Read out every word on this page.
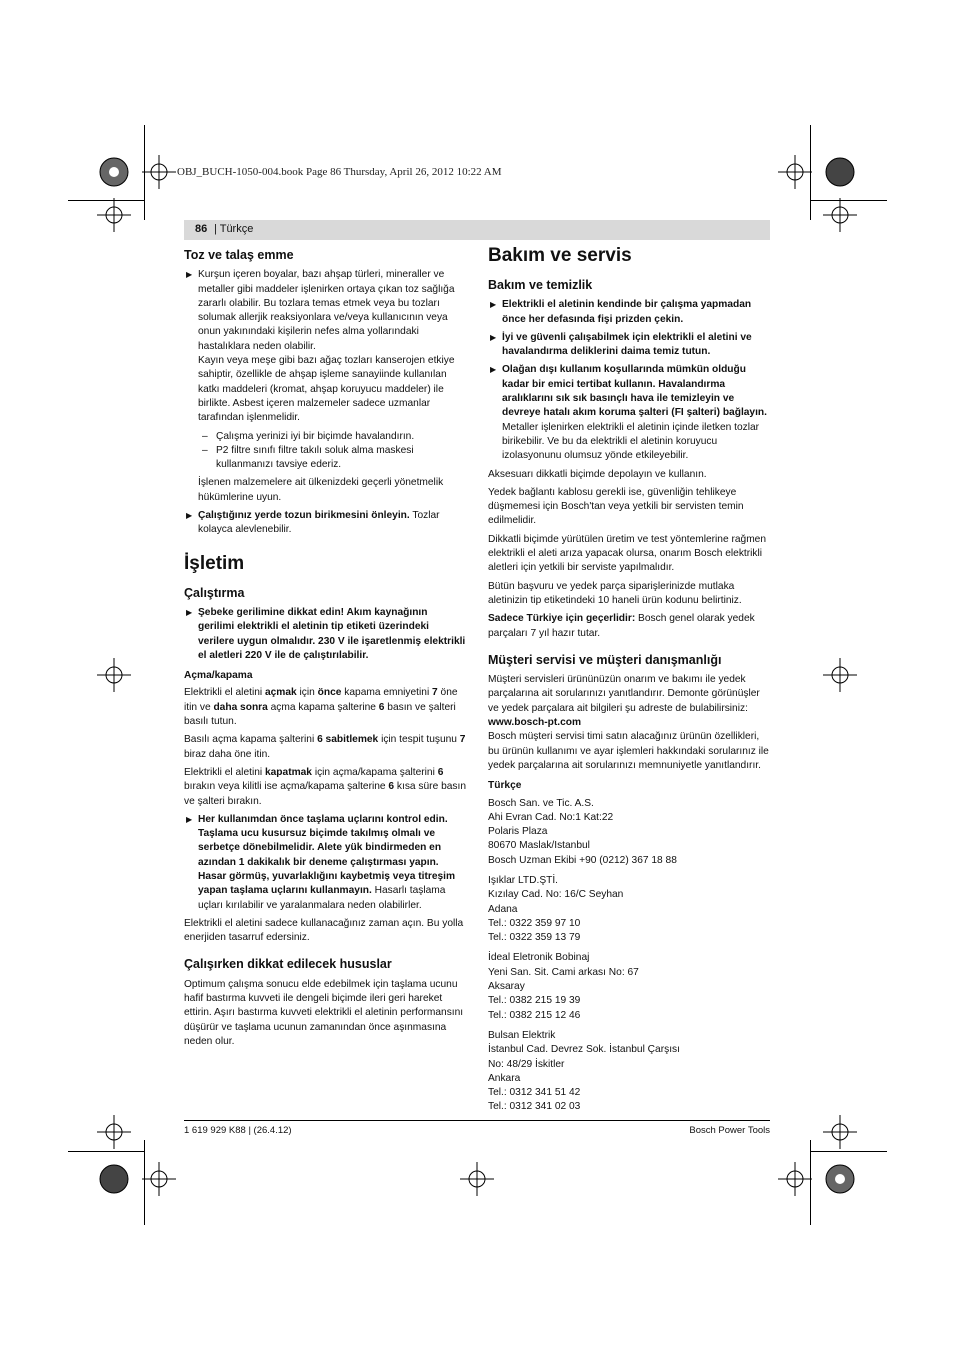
OBJ_BUCH-1050-004.book Page 86 Thursday, April 26, 2012 10:22 AM
86 | Türkçe
Toz ve talaş emme
▶ Kurşun içeren boyalar, bazı ahşap türleri, mineraller ve metaller gibi maddeler işlenirken ortaya çıkan toz sağlığa zararlı olabilir. Bu tozlara temas etmek veya bu tozları solumak allerjik reaksiyonlara ve/veya kullanıcının veya onun yakınındaki kişilerin nefes alma yollarındaki hastalıklara neden olabilir.

Kayın veya meşe gibi bazı ağaç tozları kanserojen etkiye sahiptir, özellikle de ahşap işleme sanayiinde kullanılan katkı maddeleri (kromat, ahşap koruyucu maddeler) ile birlikte. Asbest içeren malzemeler sadece uzmanlar tarafından işlenmelidir.

– Çalışma yerinizi iyi bir biçimde havalandırın.
– P2 filtre sınıfı filtre takılı soluk alma maskesi kullanmanızı tavsiye ederiz.

İşlenen malzemelere ait ülkenizdeki geçerli yönetmelik hükümlerine uyun.

▶ Çalıştığınız yerde tozun birikmesini önleyin. Tozlar kolayca alevlenebilir.
İşletim
Çalıştırma
▶ Şebeke gerilimine dikkat edin! Akım kaynağının gerilimi elektrikli el aletinin tip etiketi üzerindeki verilere uygun olmalıdır. 230 V ile işaretlenmiş elektrikli el aletleri 220 V ile de çalıştırılabilir.
Açma/kapama

Elektrikli el aletini açmak için önce kapama emniyetini 7 öne itin ve daha sonra açma kapama şalterine 6 basın ve şalteri basılı tutun.

Basılı açma kapama şalterini 6 sabitlemek için tespit tuşunu 7 biraz daha öne itin.

Elektrikli el aletini kapatmak için açma/kapama şalterini 6 bırakın veya kilitli ise açma/kapama şalterine 6 kısa süre basın ve şalteri bırakın.

▶ Her kullanımdan önce taşlama uçlarını kontrol edin. Taşlama ucu kusursuz biçimde takılmış olmalı ve serbetçe dönebilmelidir. Alete yük bindirmeden en azından 1 dakikalık bir deneme çalıştırması yapın. Hasar görmüş, yuvarlaklığını kaybetmiş veya titreşim yapan taşlama uçlarını kullanmayın. Hasarlı taşlama uçları kırılabilir ve yaralanmalara neden olabilirler.

Elektrikli el aletini sadece kullanacağınız zaman açın. Bu yolla enerjiden tasarruf edersiniz.

Çalışırken dikkat edilecek hususlar

Optimum çalışma sonucu elde edebilmek için taşlama ucunu hafif bastırma kuvveti ile dengeli biçimde ileri geri hareket ettirin. Aşırı bastırma kuvveti elektrikli el aletinin performansını düşürür ve taşlama ucunun zamanından önce aşınmasına neden olur.

Bakım ve servis
Bakım ve temizlik
▶ Elektrikli el aletinin kendinde bir çalışma yapmadan önce her defasında fişi prizden çekin.
▶ İyi ve güvenli çalışabilmek için elektrikli el aletini ve havalandırma deliklerini daima temiz tutun.
▶ Olağan dışı kullanım koşullarında mümkün olduğu kadar bir emici tertibat kullanın. Havalandırma aralıklarını sık sık basınçlı hava ile temizleyin ve devreye hatalı akım koruma şalteri (FI şalteri) bağlayın. Metaller işlenirken elektrikli el aletinin içinde iletken tozlar birikebilir. Ve bu da elektrikli el aletinin koruyucu izolasyonunu olumsuz yönde etkileyebilir.

Aksesuarı dikkatli biçimde depolayın ve kullanın.

Yedek bağlantı kablosu gerekli ise, güvenliğin tehlikeye düşmemesi için Bosch'tan veya yetkili bir servisten temin edilmelidir.

Dikkatli biçimde yürütülen üretim ve test yöntemlerine rağmen elektrikli el aleti arıza yapacak olursa, onarım Bosch elektrikli aletleri için yetkili bir serviste yapılmalıdır.

Bütün başvuru ve yedek parça siparişlerinizde mutlaka aletinizin tip etiketindeki 10 haneli ürün kodunu belirtiniz.

Sadece Türkiye için geçerlidir: Bosch genel olarak yedek parçaları 7 yıl hazır tutar.

Müşteri servisi ve müşteri danışmanlığı

Müşteri servisleri ürününüzün onarım ve bakımı ile yedek parçalarına ait sorularınızı yanıtlandırır. Demonte görünüşler ve yedek parçalara ait bilgileri şu adreste de bulabilirsiniz:

www.bosch-pt.com

Bosch müşteri servisi timi satın alacağınız ürünün özellikleri, bu ürünün kullanımı ve ayar işlemleri hakkındaki sorularınız ile yedek parçalarına ait sorularınızı memnuniyetle yanıtlandırır.

Türkçe

Bosch San. ve Tic. A.S.
Ahi Evran Cad. No:1 Kat:22
Polaris Plaza
80670 Maslak/Istanbul
Bosch Uzman Ekibi +90 (0212) 367 18 88

Işıklar LTD.ŞTİ.
Kızılay Cad. No: 16/C Seyhan
Adana
Tel.: 0322 359 97 10
Tel.: 0322 359 13 79

İdeal Eletronik Bobinaj
Yeni San. Sit. Cami arkası No: 67
Aksaray
Tel.: 0382 215 19 39
Tel.: 0382 215 12 46

Bulsan Elektrik
İstanbul Cad. Devrez Sok. İstanbul Çarşısı
No: 48/29 İskitler
Ankara
Tel.: 0312 341 51 42
Tel.: 0312 341 02 03

1 619 929 K88 | (26.4.12)	Bosch Power Tools
